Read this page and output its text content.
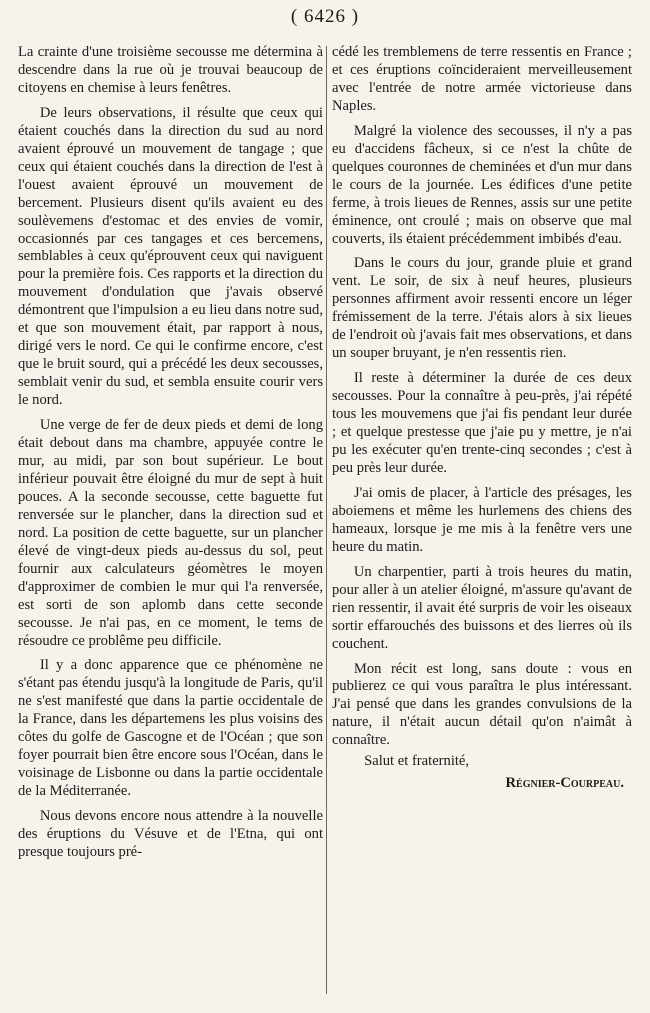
( 6426 )

La crainte d'une troisième secousse me détermina à descendre dans la rue où je trouvai beaucoup de citoyens en chemise à leurs fenêtres.

De leurs observations, il résulte que ceux qui étaient couchés dans la direction du sud au nord avaient éprouvé un mouvement de tangage ; que ceux qui étaient couchés dans la direction de l'est à l'ouest avaient éprouvé un mouvement de bercement. Plusieurs disent qu'ils avaient eu des soulèvemens d'estomac et des envies de vomir, occasionnés par ces tangages et ces bercemens, semblables à ceux qu'éprouvent ceux qui naviguent pour la première fois. Ces rapports et la direction du mouvement d'ondulation que j'avais observé démontrent que l'impulsion a eu lieu dans notre sud, et que son mouvement était, par rapport à nous, dirigé vers le nord. Ce qui le confirme encore, c'est que le bruit sourd, qui a précédé les deux secousses, semblait venir du sud, et sembla ensuite courir vers le nord.

Une verge de fer de deux pieds et demi de long était debout dans ma chambre, appuyée contre le mur, au midi, par son bout supérieur. Le bout inférieur pouvait être éloigné du mur de sept à huit pouces. A la seconde secousse, cette baguette fut renversée sur le plancher, dans la direction sud et nord. La position de cette baguette, sur un plancher élevé de vingt-deux pieds au-dessus du sol, peut fournir aux calculateurs géomètres le moyen d'approximer de combien le mur qui l'a renversée, est sorti de son aplomb dans cette seconde secousse. Je n'ai pas, en ce moment, le tems de résoudre ce problême peu difficile.

Il y a donc apparence que ce phénomène ne s'étant pas étendu jusqu'à la longitude de Paris, qu'il ne s'est manifesté que dans la partie occidentale de la France, dans les départemens les plus voisins des côtes du golfe de Gascogne et de l'Océan ; que son foyer pourrait bien être encore sous l'Océan, dans le voisinage de Lisbonne ou dans la partie occidentale de la Méditerranée.

Nous devons encore nous attendre à la nouvelle des éruptions du Vésuve et de l'Etna, qui ont presque toujours pré-

cédé les tremblemens de terre ressentis en France ; et ces éruptions coïncideraient merveilleusement avec l'entrée de notre armée victorieuse dans Naples.

Malgré la violence des secousses, il n'y a pas eu d'accidens fâcheux, si ce n'est la chûte de quelques couronnes de cheminées et d'un mur dans le cours de la journée. Les édifices d'une petite ferme, à trois lieues de Rennes, assis sur une petite éminence, ont croulé ; mais on observe que mal couverts, ils étaient précédemment imbibés d'eau.

Dans le cours du jour, grande pluie et grand vent. Le soir, de six à neuf heures, plusieurs personnes affirment avoir ressenti encore un léger frémissement de la terre. J'étais alors à six lieues de l'endroit où j'avais fait mes observations, et dans un souper bruyant, je n'en ressentis rien.

Il reste à déterminer la durée de ces deux secousses. Pour la connaître à peu-près, j'ai répété tous les mouvemens que j'ai fis pendant leur durée ; et quelque prestesse que j'aie pu y mettre, je n'ai pu les exécuter qu'en trente-cinq secondes ; c'est à peu près leur durée.

J'ai omis de placer, à l'article des présages, les aboiemens et même les hurlemens des chiens des hameaux, lorsque je me mis à la fenêtre vers une heure du matin.

Un charpentier, parti à trois heures du matin, pour aller à un atelier éloigné, m'assure qu'avant de rien ressentir, il avait été surpris de voir les oiseaux sortir effarouchés des buissons et des lierres où ils couchent.

Mon récit est long, sans doute : vous en publierez ce qui vous paraîtra le plus intéressant. J'ai pensé que dans les grandes convulsions de la nature, il n'était aucun détail qu'on n'aimât à connaître.

Salut et fraternité,

Régnier-Courpeau.
